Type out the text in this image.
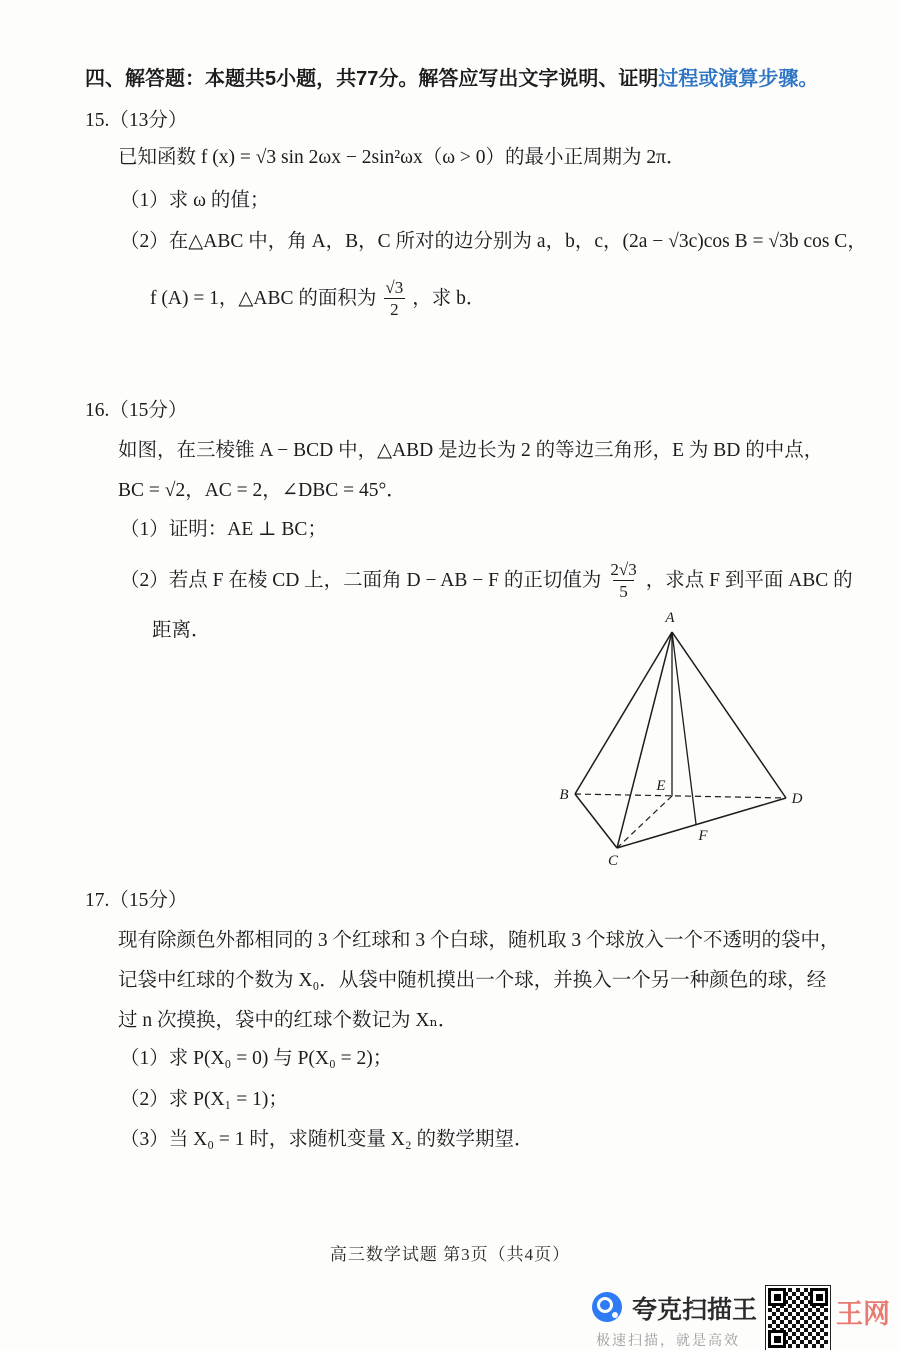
四、解答题：本题共5小题，共77分。解答应写出文字说明、证明过程或演算步骤。
15.（13分）
已知函数 f (x) = √3 sin 2ωx − 2sin²ωx（ω > 0）的最小正周期为 2π．
（1）求 ω 的值；
（2）在△ABC 中，角 A，B，C 所对的边分别为 a，b，c，(2a − √3c)cos B = √3b cos C，
f (A) = 1，△ABC 的面积为 $\frac{√3}{2}$ ，求 b．
16.（15分）
如图，在三棱锥 A − BCD 中，△ABD 是边长为 2 的等边三角形，E 为 BD 的中点，
BC = √2，AC = 2，∠DBC = 45°．
（1）证明：AE ⊥ BC；
（2）若点 F 在棱 CD 上，二面角 D − AB − F 的正切值为 $\frac{2√3}{5}$ ，求点 F 到平面 ABC 的
距离．
A
B
C
D
E
F
17.（15分）
现有除颜色外都相同的 3 个红球和 3 个白球，随机取 3 个球放入一个不透明的袋中，
记袋中红球的个数为 X₀．从袋中随机摸出一个球，并换入一个另一种颜色的球，经
过 n 次摸换，袋中的红球个数记为 Xₙ．
（1）求 P(X₀ = 0) 与 P(X₀ = 2)；
（2）求 P(X₁ = 1)；
（3）当 X₀ = 1 时，求随机变量 X₂ 的数学期望．
高三数学试题 第3页（共4页）
夸克扫描王
极速扫描，就是高效
王网
